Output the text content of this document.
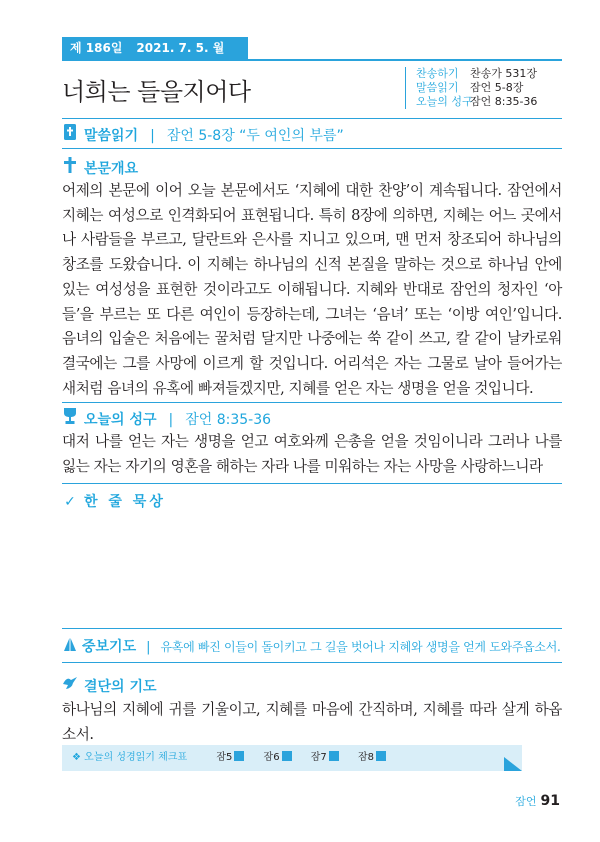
제 186일 2021. 7. 5. 월
너희는 들을지어다
찬송하기 찬송가 531장
말씀읽기 잠언 5-8장
오늘의 성구잠언 8:35-36
말씀읽기 | 잠언 5-8장 “두 여인의 부름”
본문개요
어제의 본문에 이어 오늘 본문에서도 ‘지혜에 대한 찬양’이 계속됩니다. 잠언에서 지혜는 여성으로 인격화되어 표현됩니다. 특히 8장에 의하면, 지혜는 어느 곳에서나 사람들을 부르고, 달란트와 은사를 지니고 있으며, 맨 먼저 창조되어 하나님의 창조를 도왔습니다. 이 지혜는 하나님의 신적 본질을 말하는 것으로 하나님 안에 있는 여성성을 표현한 것이라고도 이해됩니다. 지혜와 반대로 잠언의 청자인 ‘아들’을 부르는 또 다른 여인이 등장하는데, 그녀는 ‘음녀’ 또는 ‘이방 여인’입니다. 음녀의 입술은 처음에는 꿀처럼 달지만 나중에는 쑥 같이 쓰고, 칼 같이 날카로워 결국에는 그를 사망에 이르게 할 것입니다. 어리석은 자는 그물로 날아 들어가는 새처럼 음녀의 유혹에 빠져들겠지만, 지혜를 얻은 자는 생명을 얻을 것입니다.
오늘의 성구 | 잠언 8:35-36
대저 나를 얻는 자는 생명을 얻고 여호와께 은총을 얻을 것임이니라 그러나 나를 잃는 자는 자기의 영혼을 해하는 자라 나를 미워하는 자는 사망을 사랑하느니라
✓ 한 줄 묵상
중보기도 | 유혹에 빠진 이들이 돌이키고 그 길을 벗어나 지혜와 생명을 얻게 도와주옵소서.
결단의 기도
하나님의 지혜에 귀를 기울이고, 지혜를 마음에 간직하며, 지혜를 따라 살게 하옵소서.
❖ 오늘의 성경읽기 체크표	잠5	잠6	잠7	잠8
잠언 91
